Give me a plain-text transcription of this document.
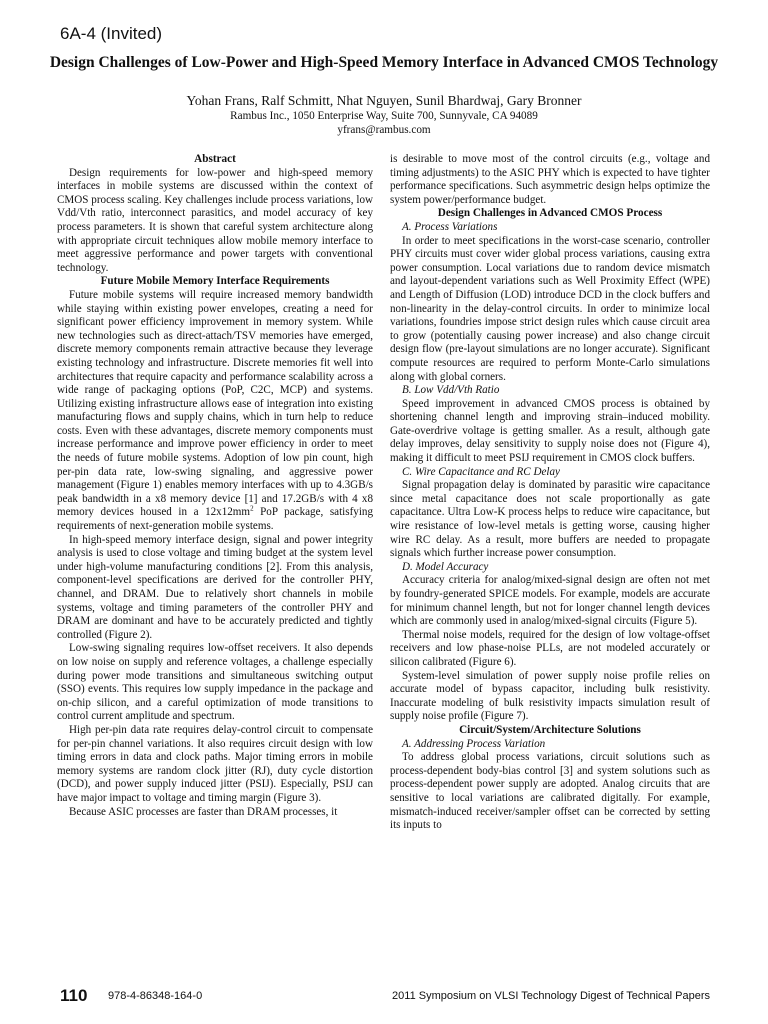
6A-4 (Invited)
Design Challenges of Low-Power and High-Speed Memory Interface in Advanced CMOS Technology
Yohan Frans, Ralf Schmitt, Nhat Nguyen, Sunil Bhardwaj, Gary Bronner
Rambus Inc., 1050 Enterprise Way, Suite 700, Sunnyvale, CA 94089
yfrans@rambus.com
Abstract

Design requirements for low-power and high-speed memory interfaces in mobile systems are discussed within the context of CMOS process scaling. Key challenges include process variations, low Vdd/Vth ratio, interconnect parasitics, and model accuracy of key process parameters. It is shown that careful system architecture along with appropriate circuit techniques allow mobile memory interface to meet aggressive performance and power targets with conventional technology.

Future Mobile Memory Interface Requirements

Future mobile systems will require increased memory bandwidth while staying within existing power envelopes, creating a need for significant power efficiency improvement in memory system. While new technologies such as direct-attach/TSV memories have emerged, discrete memory components remain attractive because they leverage existing technology and infrastructure. Discrete memories fit well into architectures that require capacity and performance scalability across a wide range of packaging options (PoP, C2C, MCP) and systems. Utilizing existing infrastructure allows ease of integration into existing manufacturing flows and supply chains, which in turn help to reduce costs. Even with these advantages, discrete memory components must increase performance and improve power efficiency in order to meet the needs of future mobile systems. Adoption of low pin count, high per-pin data rate, low-swing signaling, and aggressive power management (Figure 1) enables memory interfaces with up to 4.3GB/s peak bandwidth in a x8 memory device [1] and 17.2GB/s with 4 x8 memory devices housed in a $12x12mm^2$ PoP package, satisfying requirements of next-generation mobile systems.

In high-speed memory interface design, signal and power integrity analysis is used to close voltage and timing budget at the system level under high-volume manufacturing conditions [2]. From this analysis, component-level specifications are derived for the controller PHY, channel, and DRAM. Due to relatively short channels in mobile systems, voltage and timing parameters of the controller PHY and DRAM are dominant and have to be accurately predicted and tightly controlled (Figure 2).

Low-swing signaling requires low-offset receivers. It also depends on low noise on supply and reference voltages, a challenge especially during power mode transitions and simultaneous switching output (SSO) events. This requires low supply impedance in the package and on-chip silicon, and a careful optimization of mode transitions to control current amplitude and spectrum.

High per-pin data rate requires delay-control circuit to compensate for per-pin channel variations. It also requires circuit design with low timing errors in data and clock paths. Major timing errors in mobile memory systems are random clock jitter (RJ), duty cycle distortion (DCD), and power supply induced jitter (PSIJ). Especially, PSIJ can have major impact to voltage and timing margin (Figure 3).

Because ASIC processes are faster than DRAM processes, it

is desirable to move most of the control circuits (e.g., voltage and timing adjustments) to the ASIC PHY which is expected to have tighter performance specifications. Such asymmetric design helps optimize the system power/performance budget.

Design Challenges in Advanced CMOS Process
A. Process Variations

In order to meet specifications in the worst-case scenario, controller PHY circuits must cover wider global process variations, causing extra power consumption. Local variations due to random device mismatch and layout-dependent variations such as Well Proximity Effect (WPE) and Length of Diffusion (LOD) introduce DCD in the clock buffers and non-linearity in the delay-control circuits. In order to minimize local variations, foundries impose strict design rules which cause circuit area to grow (potentially causing power increase) and also change circuit design flow (pre-layout simulations are no longer accurate). Significant compute resources are required to perform Monte-Carlo simulations along with global corners.

B. Low Vdd/Vth Ratio

Speed improvement in advanced CMOS process is obtained by shortening channel length and improving strain–induced mobility. Gate-overdrive voltage is getting smaller. As a result, although gate delay improves, delay sensitivity to supply noise does not (Figure 4), making it difficult to meet PSIJ requirement in CMOS clock buffers.

C. Wire Capacitance and RC Delay

Signal propagation delay is dominated by parasitic wire capacitance since metal capacitance does not scale proportionally as gate capacitance. Ultra Low-K process helps to reduce wire capacitance, but wire resistance of low-level metals is getting worse, causing higher wire RC delay. As a result, more buffers are needed to propagate signals which further increase power consumption.

D. Model Accuracy

Accuracy criteria for analog/mixed-signal design are often not met by foundry-generated SPICE models. For example, models are accurate for minimum channel length, but not for longer channel length devices which are commonly used in analog/mixed-signal circuits (Figure 5).

Thermal noise models, required for the design of low voltage-offset receivers and low phase-noise PLLs, are not modeled accurately or silicon calibrated (Figure 6).

System-level simulation of power supply noise profile relies on accurate model of bypass capacitor, including bulk resistivity. Inaccurate modeling of bulk resistivity impacts simulation result of supply noise profile (Figure 7).

Circuit/System/Architecture Solutions
A. Addressing Process Variation

To address global process variations, circuit solutions such as process-dependent body-bias control [3] and system solutions such as process-dependent power supply are adopted. Analog circuits that are sensitive to local variations are calibrated digitally. For example, mismatch-induced receiver/sampler offset can be corrected by setting its inputs to

110 978-4-86348-164-0	2011 Symposium on VLSI Technology Digest of Technical Papers
